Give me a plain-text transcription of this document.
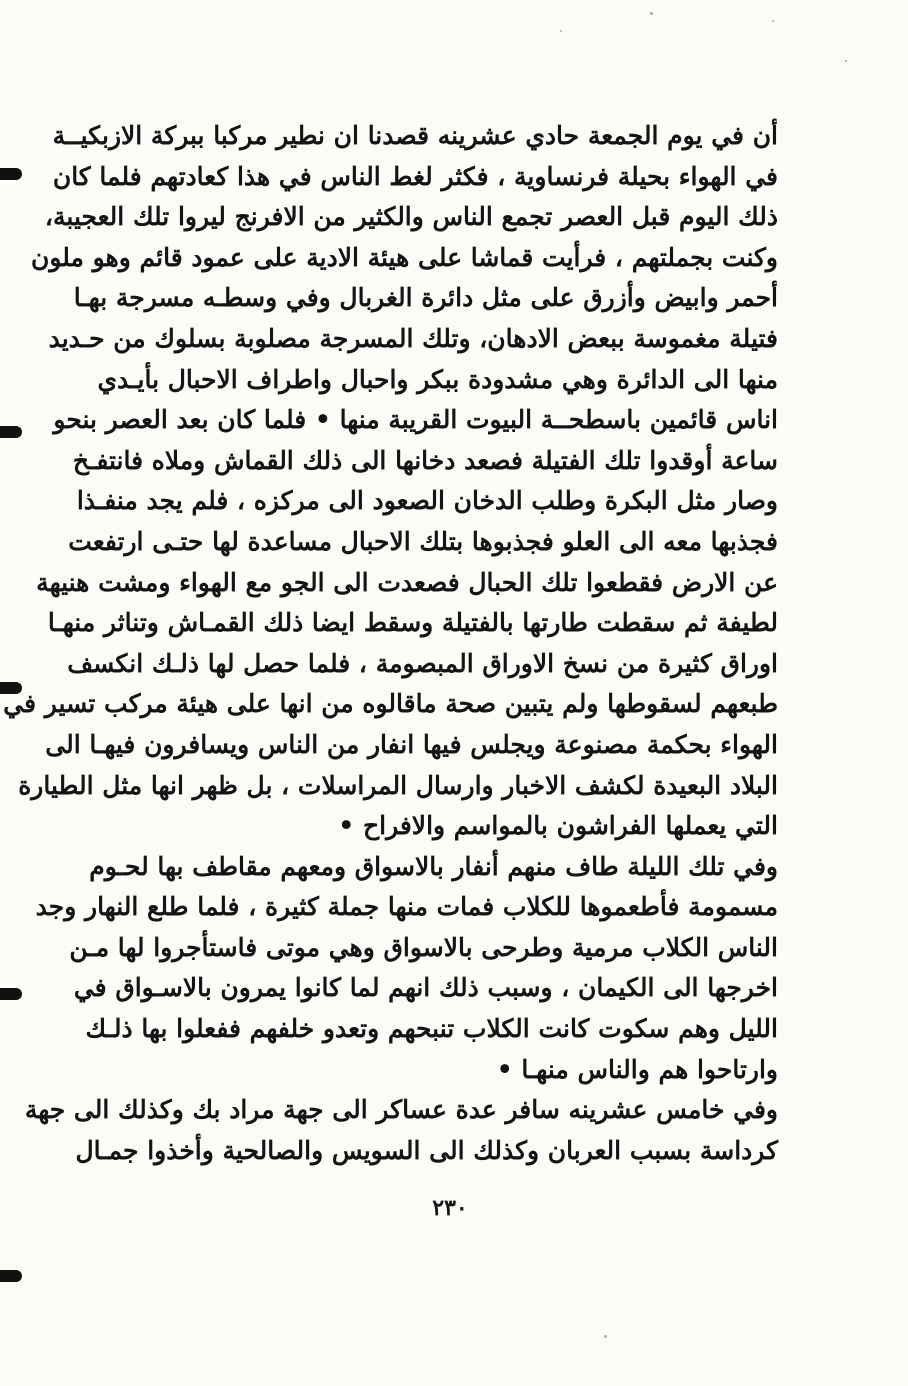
أن في يوم الجمعة حادي عشرينه قصدنا ان نطير مركبا ببركة الازبكيــة
في الهواء بحيلة فرنساوية ، فكثر لغط الناس في هذا كعادتهم فلما كان
ذلك اليوم قبل العصر تجمع الناس والكثير من الافرنج ليروا تلك العجيبة،
وكنت بجملتهم ، فرأيت قماشا على هيئة الادية على عمود قائم وهو ملون
أحمر وابيض وأزرق على مثل دائرة الغربال وفي وسطـه مسرجة بهـا
فتيلة مغموسة ببعض الادهان، وتلك المسرجة مصلوبة بسلوك من حـديد
منها الى الدائرة وهي مشدودة ببكر واحبال واطراف الاحبال بأيـدي
اناس قائمين باسطحــة البيوت القريبة منها • فلما كان بعد العصر بنحو
ساعة أوقدوا تلك الفتيلة فصعد دخانها الى ذلك القماش وملاه فانتفـخ
وصار مثل البكرة وطلب الدخان الصعود الى مركزه ، فلم يجد منفـذا
فجذبها معه الى العلو فجذبوها بتلك الاحبال مساعدة لها حتـى ارتفعت
عن الارض فقطعوا تلك الحبال فصعدت الى الجو مع الهواء ومشت هنيهة
لطيفة ثم سقطت طارتها بالفتيلة وسقط ايضا ذلك القمـاش وتناثر منهـا
اوراق كثيرة من نسخ الاوراق المبصومة ، فلما حصل لها ذلـك انكسف
طبعهم لسقوطها ولم يتبين صحة ماقالوه من انها على هيئة مركب تسير في
الهواء بحكمة مصنوعة ويجلس فيها انفار من الناس ويسافرون فيهـا الى
البلاد البعيدة لكشف الاخبار وارسال المراسلات ، بل ظهر انها مثل الطيارة
التي يعملها الفراشون بالمواسم والافراح •
وفي تلك الليلة طاف منهم أنفار بالاسواق ومعهم مقاطف بها لحـوم
مسمومة فأطعموها للكلاب فمات منها جملة كثيرة ، فلما طلع النهار وجد
الناس الكلاب مرمية وطرحى بالاسواق وهي موتى فاستأجروا لها مـن
اخرجها الى الكيمان ، وسبب ذلك انهم لما كانوا يمرون بالاسـواق في
الليل وهم سكوت كانت الكلاب تنبحهم وتعدو خلفهم ففعلوا بها ذلـك
وارتاحوا هم والناس منهـا •
وفي خامس عشرينه سافر عدة عساكر الى جهة مراد بك وكذلك الى جهة
كرداسة بسبب العربان وكذلك الى السويس والصالحية وأخذوا جمـال
٢٣٠
